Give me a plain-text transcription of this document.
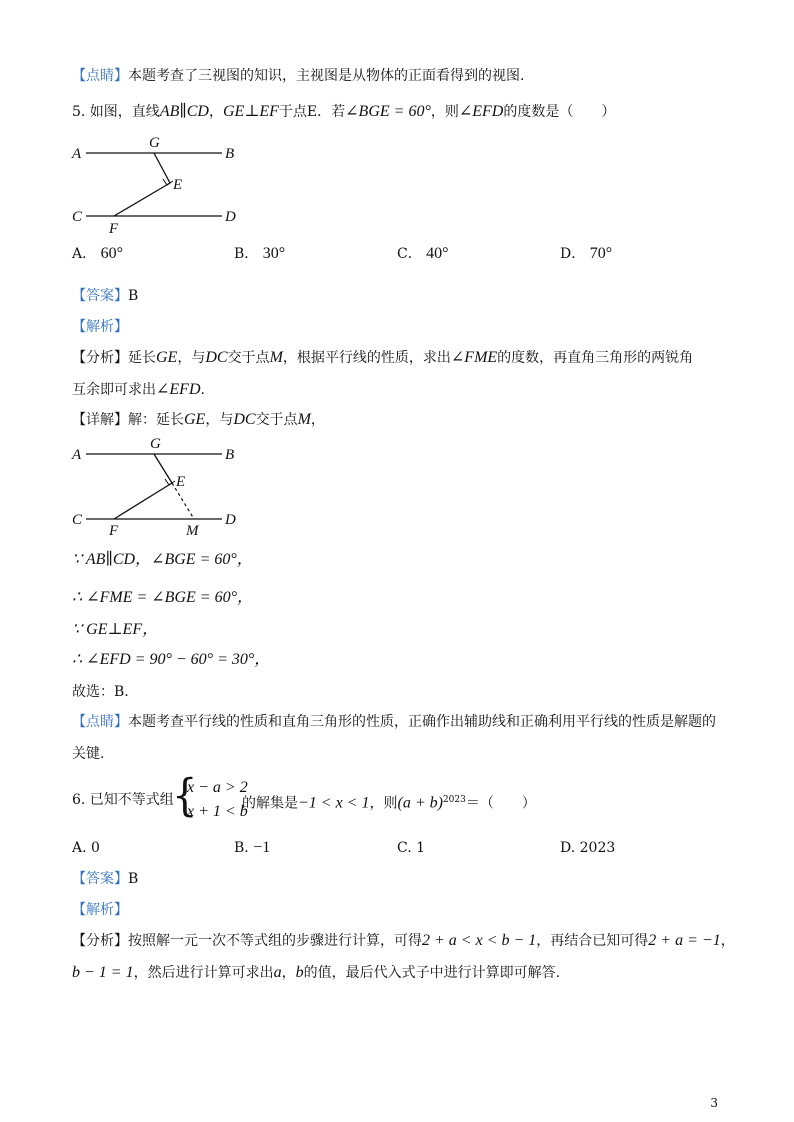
【点睛】本题考查了三视图的知识，主视图是从物体的正面看得到的视图.
5. 如图，直线AB∥CD，GE⊥EF于点E．若∠BGE = 60°，则∠EFD的度数是（　　）
A	B
C	D
G
E
F
A． 60°	B． 30°	C． 40°	D． 70°
【答案】B
【解析】
【分析】延长GE，与DC交于点M，根据平行线的性质，求出∠FME的度数，再直角三角形的两锐角
互余即可求出∠EFD.
【详解】解：延长GE，与DC交于点M，
A	B
C	D
G
E
F	M
∵ AB∥CD，∠BGE = 60°，
∴ ∠FME = ∠BGE = 60°，
∵ GE⊥EF，
∴ ∠EFD = 90° − 60° = 30°，
故选：B.
【点睛】本题考查平行线的性质和直角三角形的性质，正确作出辅助线和正确利用平行线的性质是解题的
关键.
6. 已知不等式组
{
x − a > 2
x + 1 < b
的解集是−1 < x < 1，则$(a + b)^{2023}=$（　　）
A. 0	B. −1	C. 1	D. 2023
【答案】B
【解析】
【分析】按照解一元一次不等式组的步骤进行计算，可得2 + a < x < b − 1，再结合已知可得2 + a = −1，
b − 1 = 1，然后进行计算可求出a，b的值，最后代入式子中进行计算即可解答.
3
